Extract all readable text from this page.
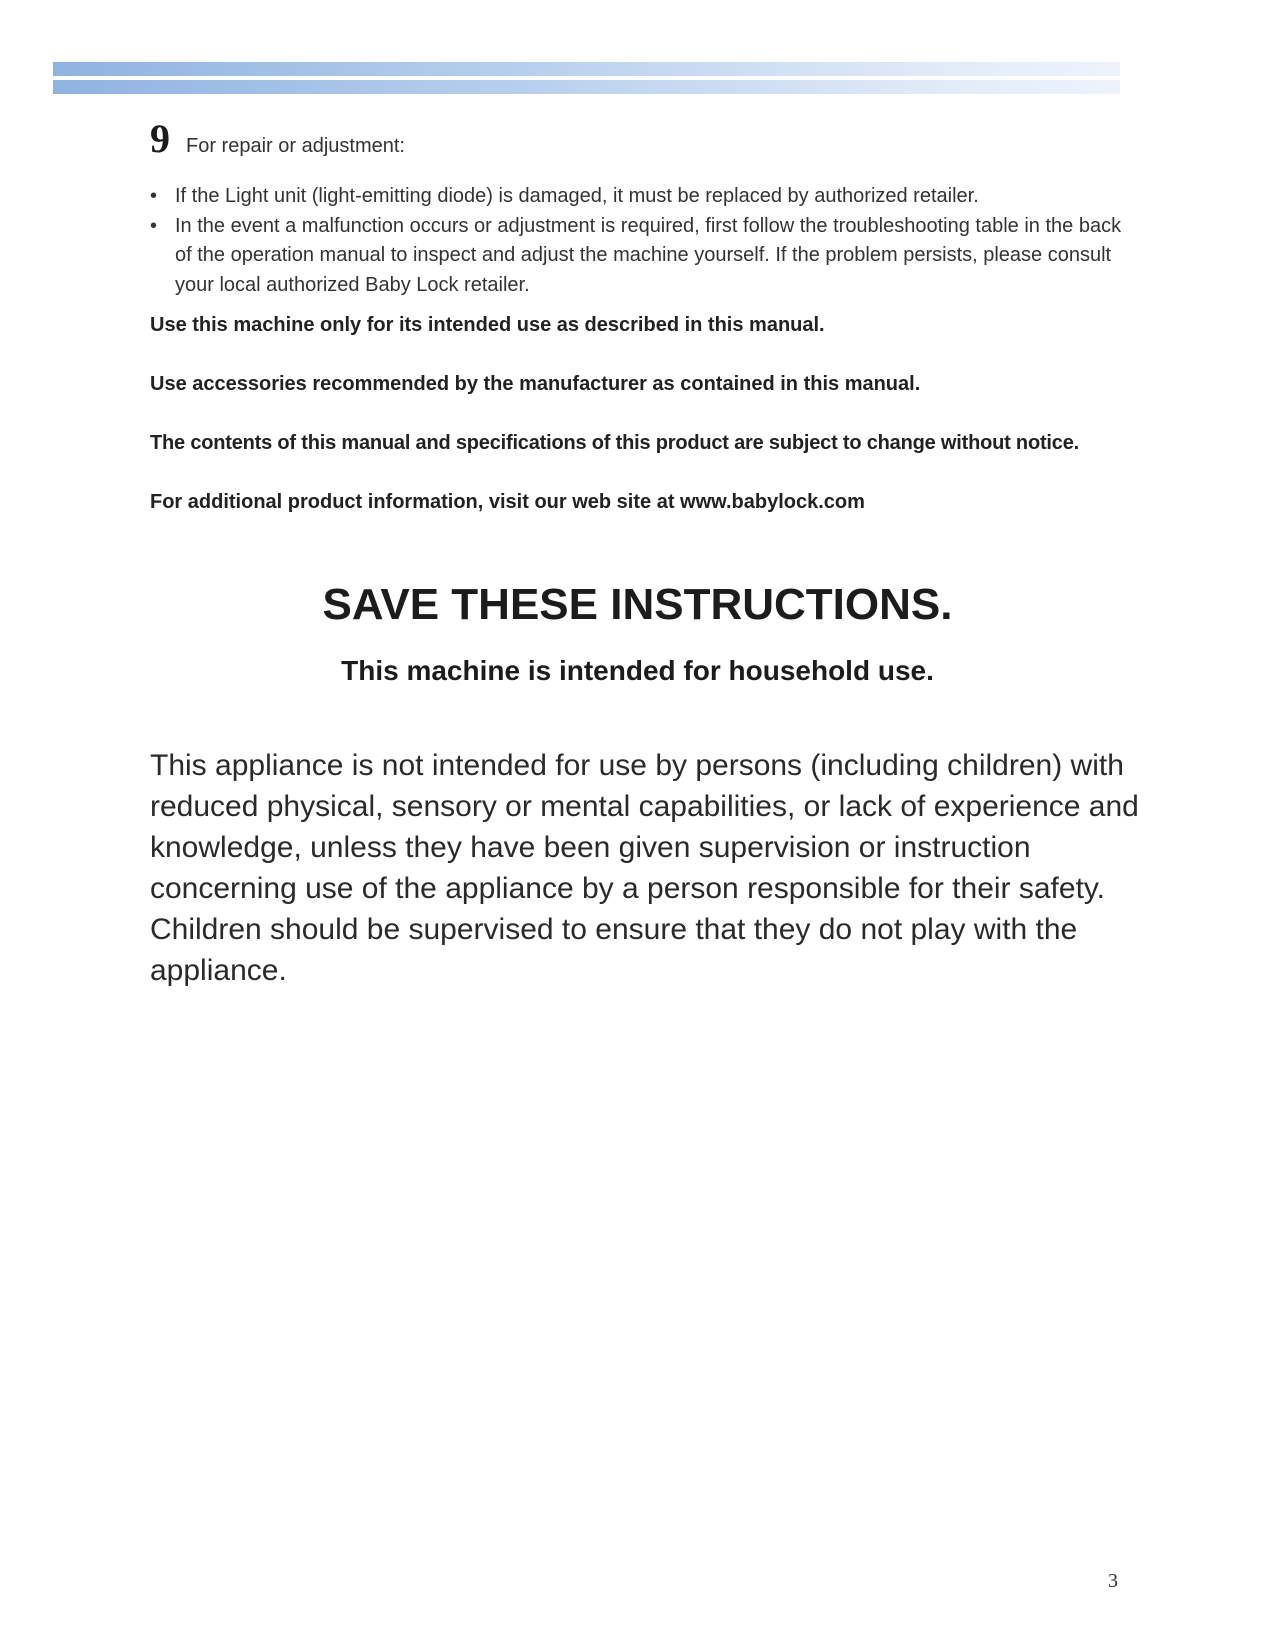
9 For repair or adjustment:
• If the Light unit (light-emitting diode) is damaged, it must be replaced by authorized retailer.
• In the event a malfunction occurs or adjustment is required, first follow the troubleshooting table in the back of the operation manual to inspect and adjust the machine yourself. If the problem persists, please consult your local authorized Baby Lock retailer.
Use this machine only for its intended use as described in this manual.
Use accessories recommended by the manufacturer as contained in this manual.
The contents of this manual and specifications of this product are subject to change without notice.
For additional product information, visit our web site at www.babylock.com
SAVE THESE INSTRUCTIONS.
This machine is intended for household use.
This appliance is not intended for use by persons (including children) with reduced physical, sensory or mental capabilities, or lack of experience and knowledge, unless they have been given supervision or instruction concerning use of the appliance by a person responsible for their safety. Children should be supervised to ensure that they do not play with the appliance.
3
